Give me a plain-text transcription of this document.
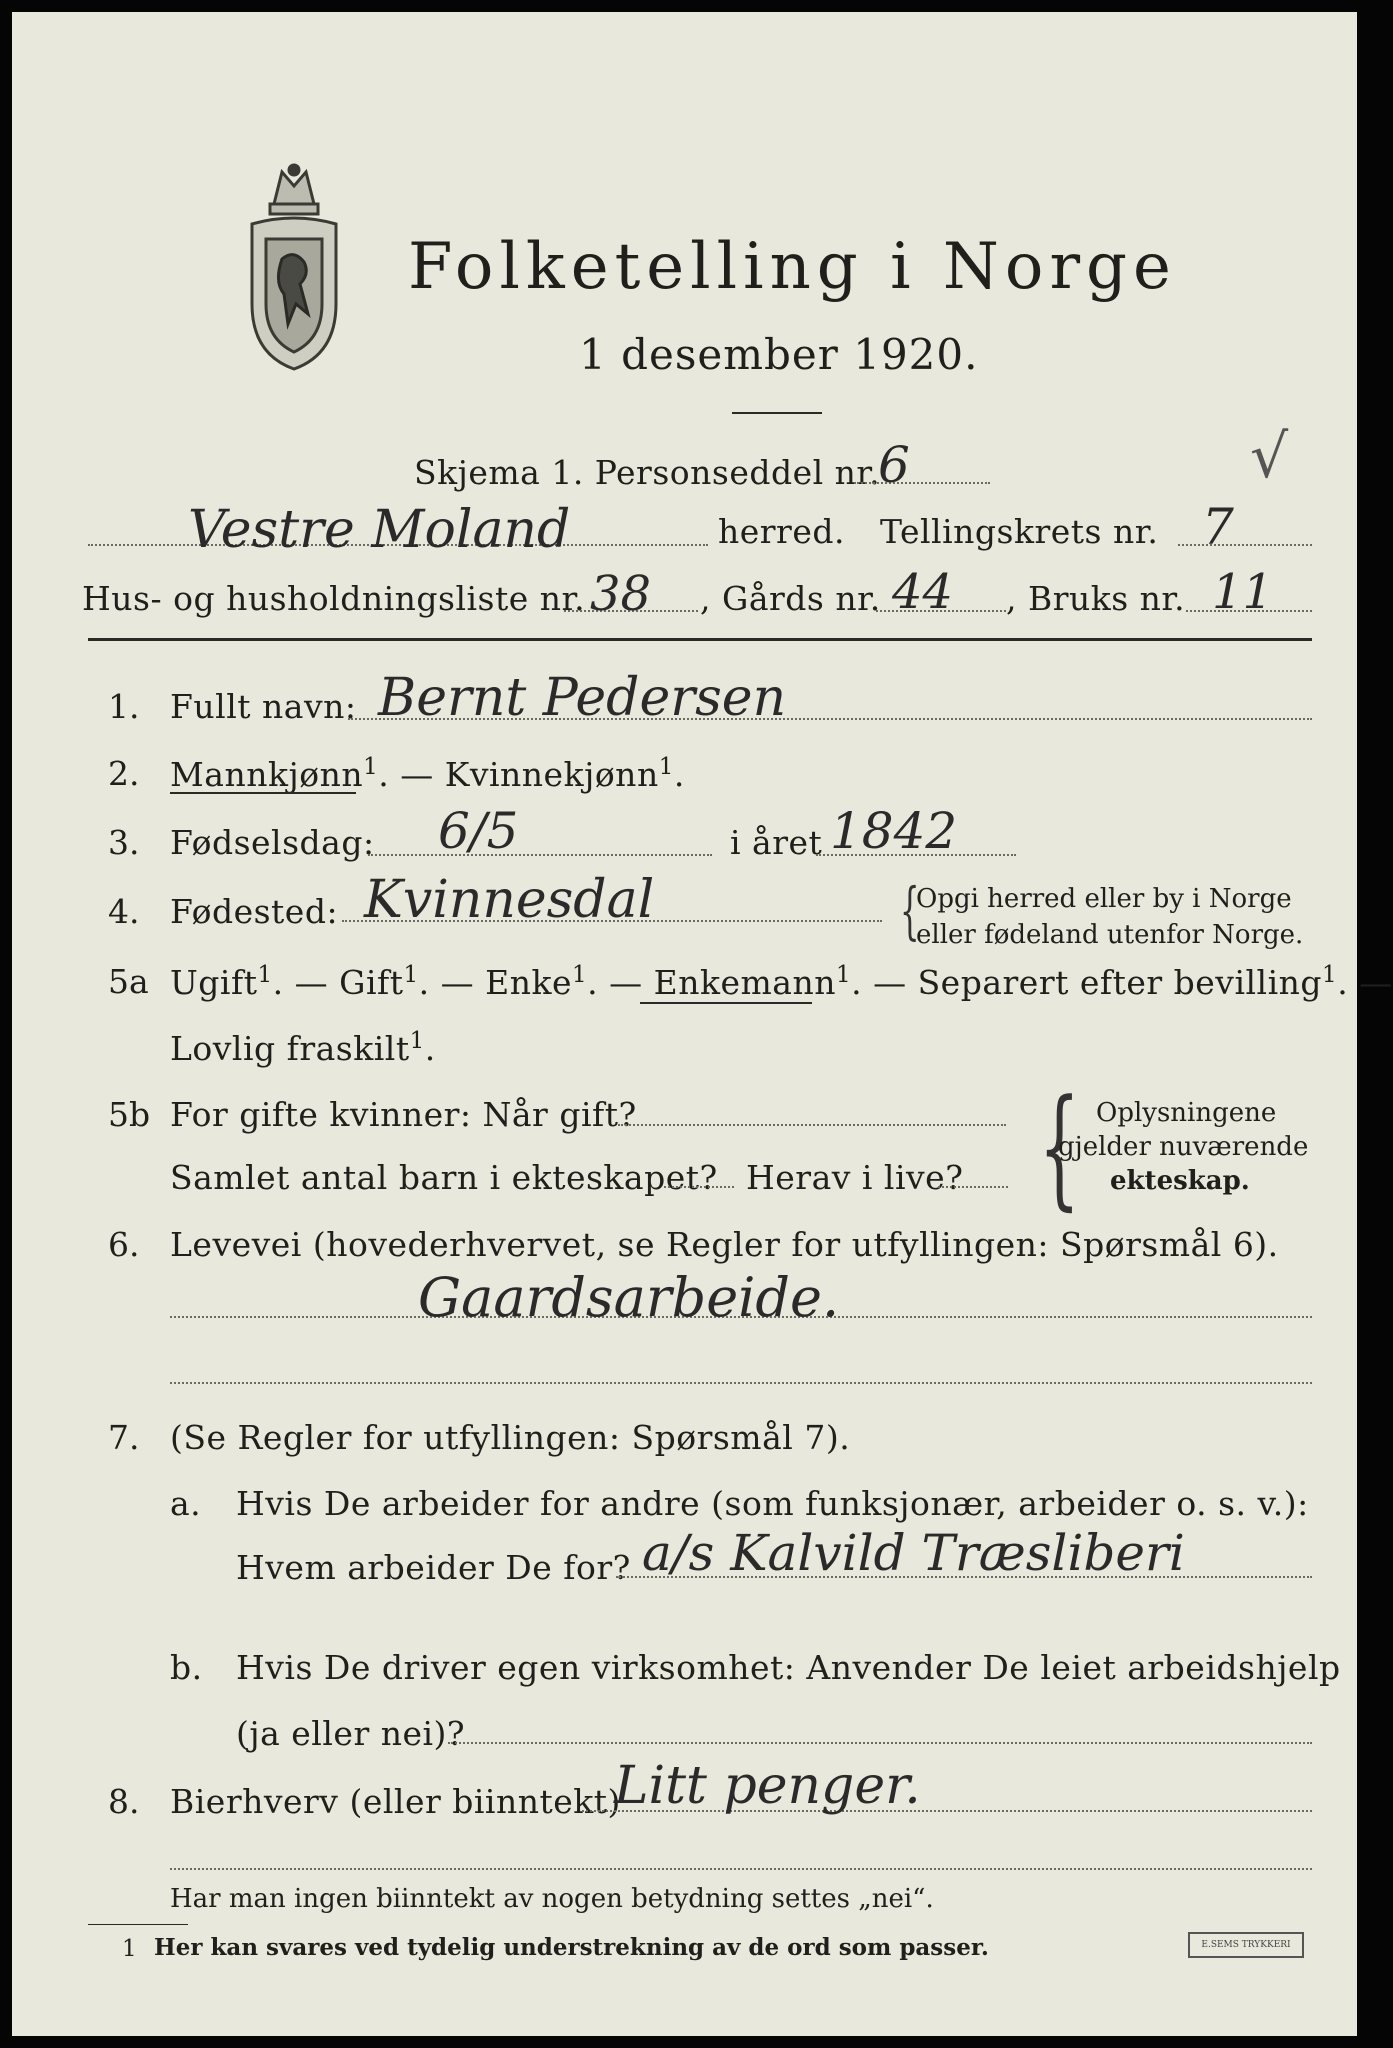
Folketelling i Norge
1 desember 1920.
Skjema 1. Personseddel nr.
6	√
Vestre Moland	herred. Tellingskrets nr. 7
Hus- og husholdningsliste nr. 38 , Gårds nr. 44 , Bruks nr. 11
1. Fullt navn: Bernt Pedersen
2. Mannkjønn$^1$. — Kvinnekjønn$^1$.
3. Fødselsdag: 6/5	i året 1842
4. Fødested: Kvinnesdal	{
Opgi herred eller by i Norge
eller fødeland utenfor Norge.
5a Ugift$^1$. — Gift$^1$. — Enke$^1$. — Enkemann$^1$. — Separert efter bevilling$^1$. —
Lovlig fraskilt$^1$.
5b For gifte kvinner: Når gift?
Samlet antal barn i ekteskapet? Herav i live? { Oplysningene
gjelder nuværende
ekteskap.
6. Levevei (hovederhvervet, se Regler for utfyllingen: Spørsmål 6).
Gaardsarbeide.
7. (Se Regler for utfyllingen: Spørsmål 7).
a. Hvis De arbeider for andre (som funksjonær, arbeider o. s. v.):
Hvem arbeider De for? a/s Kalvild Træsliberi
b. Hvis De driver egen virksomhet: Anvender De leiet arbeidshjelp
(ja eller nei)?
8. Bierhverv (eller biinntekt)
Litt penger.
Har man ingen biinntekt av nogen betydning settes „nei“.
1 Her kan svares ved tydelig understrekning av de ord som passer.	E.SEMS TRYKKERI
